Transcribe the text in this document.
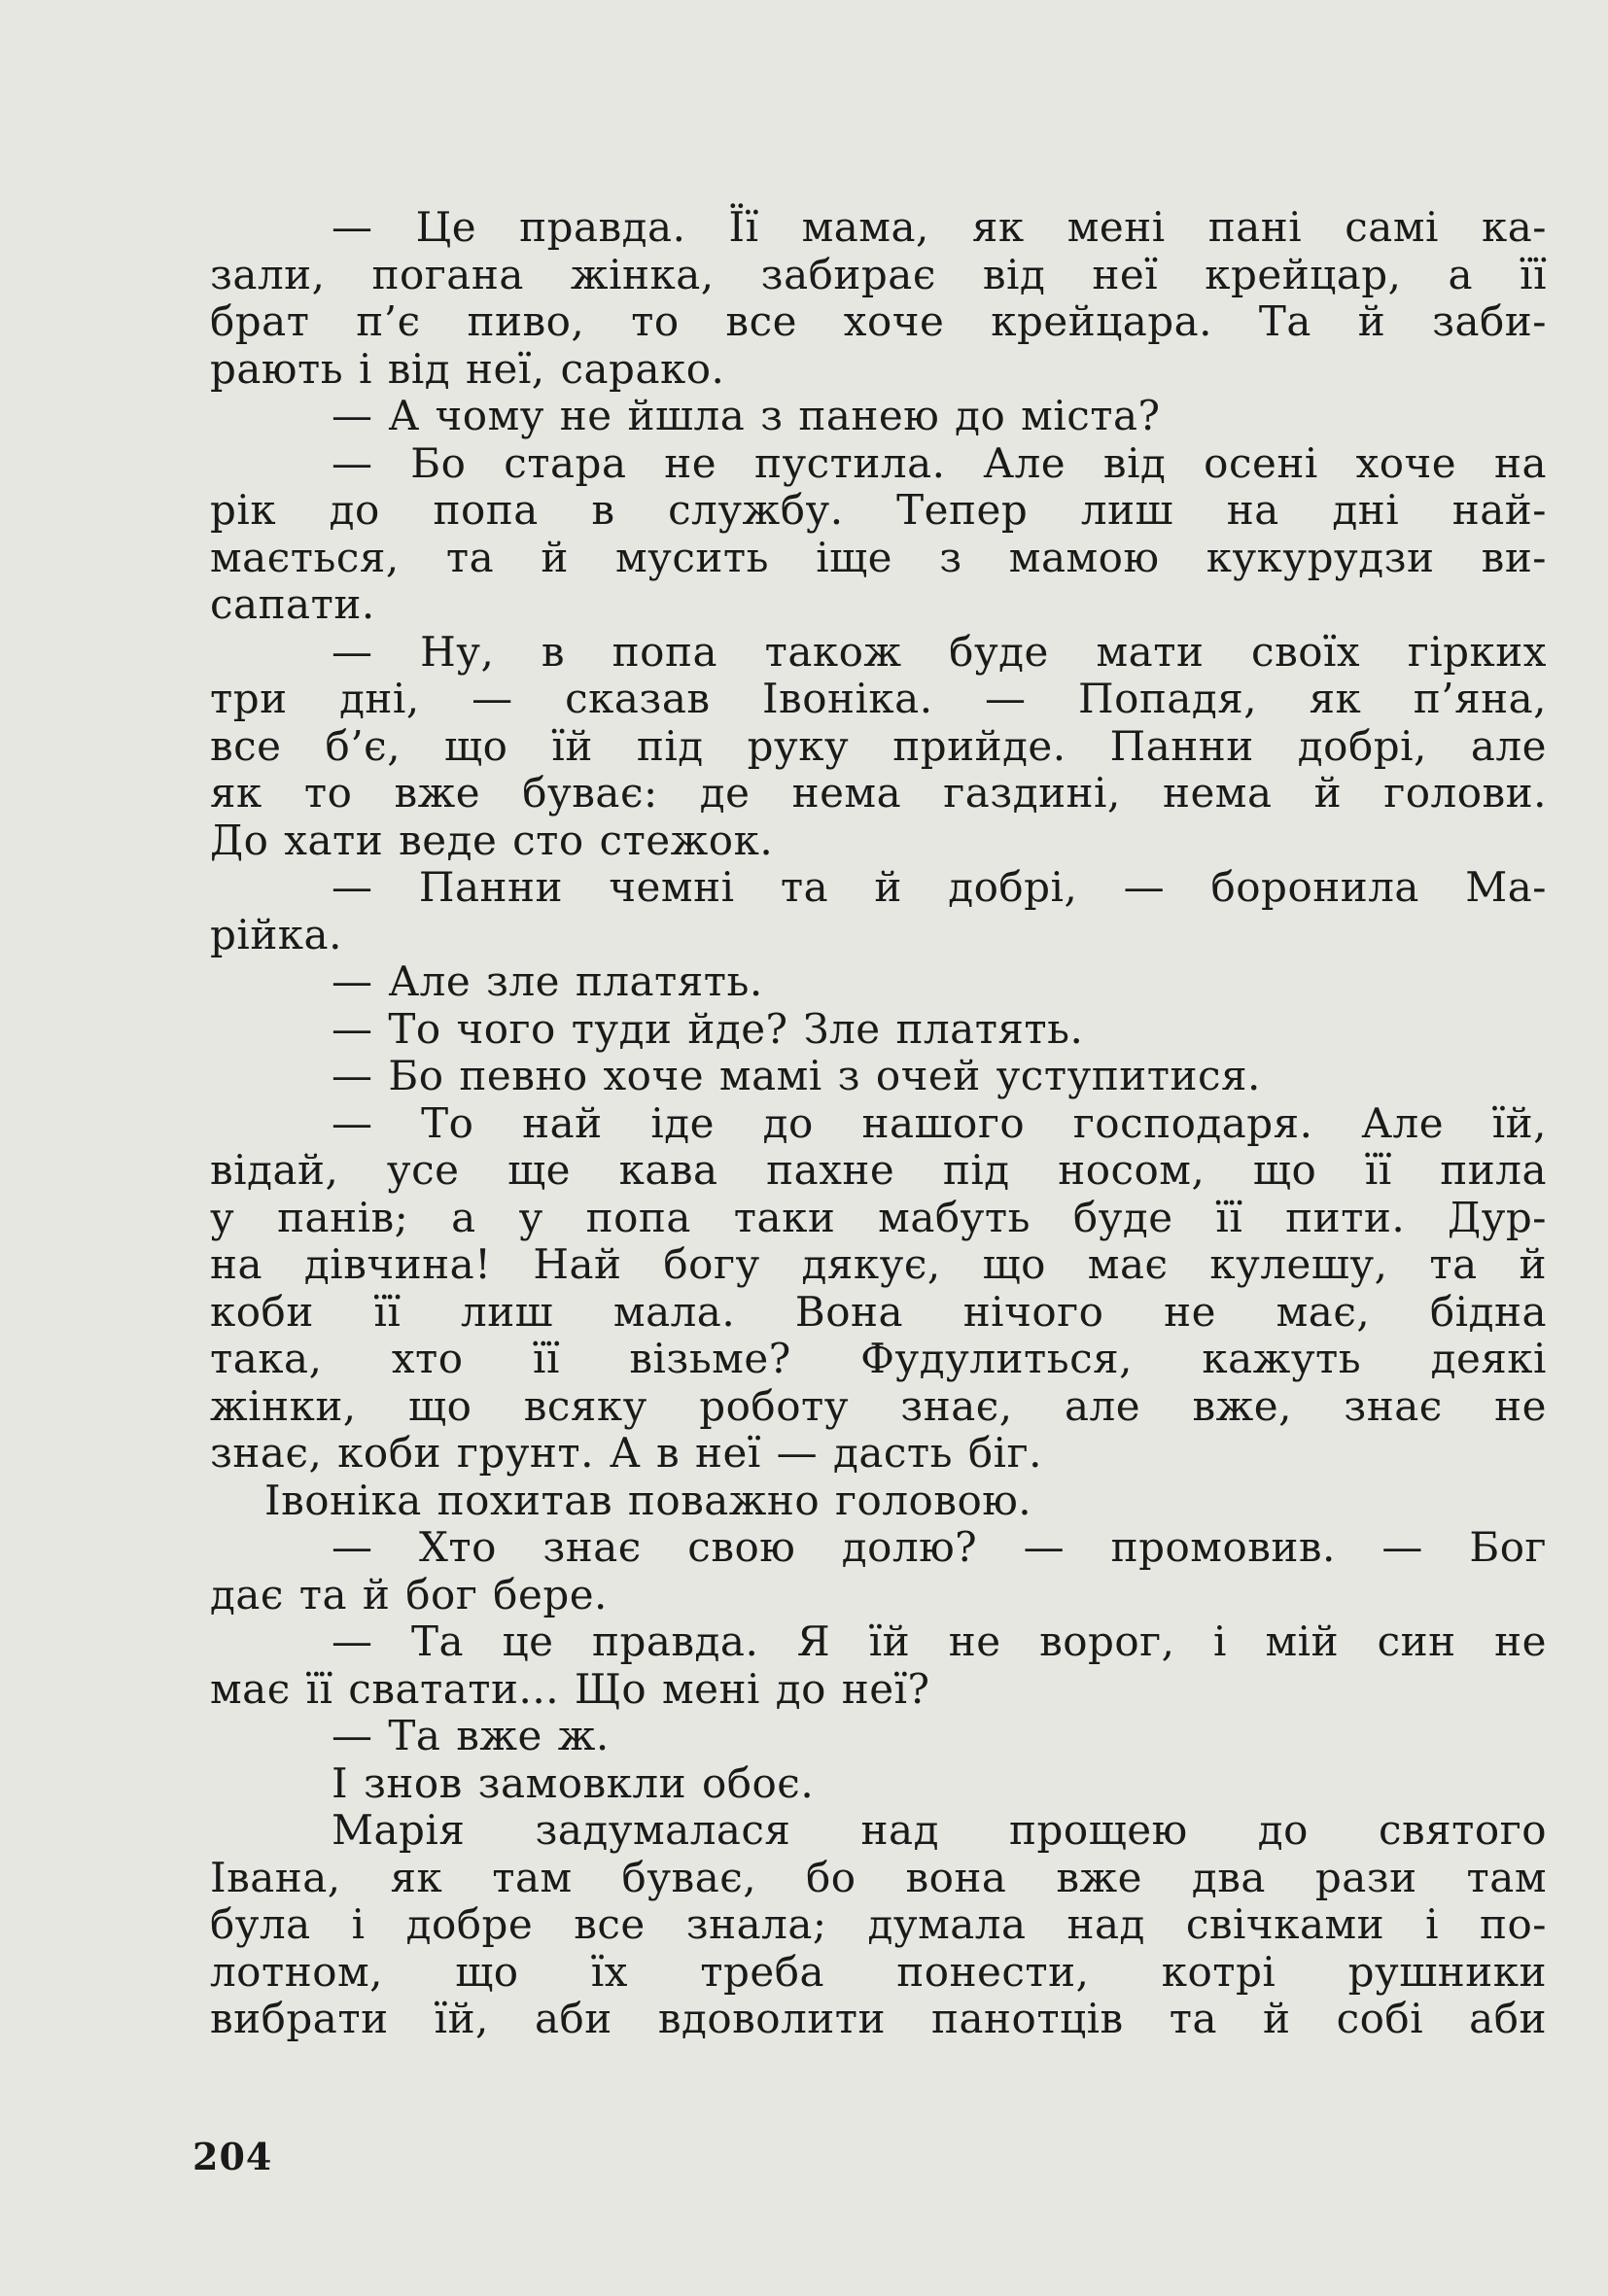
— Це правда. Її мама, як мені пані самі ка-
зали, погана жінка, забирає від неї крейцар, а її
брат п’є пиво, то все хоче крейцара. Та й заби-
рають і від неї, сарако.
— А чому не йшла з панею до міста?
— Бо стара не пустила. Але від осені хоче на
рік до попа в службу. Тепер лиш на дні най-
мається, та й мусить іще з мамою кукурудзи ви-
сапати.
— Ну, в попа також буде мати своїх гірких
три дні, — сказав Івоніка. — Попадя, як п’яна,
все б’є, що їй під руку прийде. Панни добрі, але
як то вже буває: де нема газдині, нема й голови.
До хати веде сто стежок.
— Панни чемні та й добрі, — боронила Ма-
рійка.
— Але зле платять.
— То чого туди йде? Зле платять.
— Бо певно хоче мамі з очей уступитися.
— То най іде до нашого господаря. Але їй,
відай, усе ще кава пахне під носом, що її пила
у панів; а у попа таки мабуть буде її пити. Дур-
на дівчина! Най богу дякує, що має кулешу, та й
коби її лиш мала. Вона нічого не має, бідна
така, хто її візьме? Фудулиться, кажуть деякі
жінки, що всяку роботу знає, але вже, знає не
знає, коби грунт. А в неї — дасть біг.
Івоніка похитав поважно головою.
— Хто знає свою долю? — промовив. — Бог
дає та й бог бере.
— Та це правда. Я їй не ворог, і мій син не
має її сватати... Що мені до неї?
— Та вже ж.
І знов замовкли обоє.
Марія задумалася над прощею до святого
Івана, як там буває, бо вона вже два рази там
була і добре все знала; думала над свічками і по-
лотном, що їх треба понести, котрі рушники
вибрати їй, аби вдоволити панотців та й собі аби
204
